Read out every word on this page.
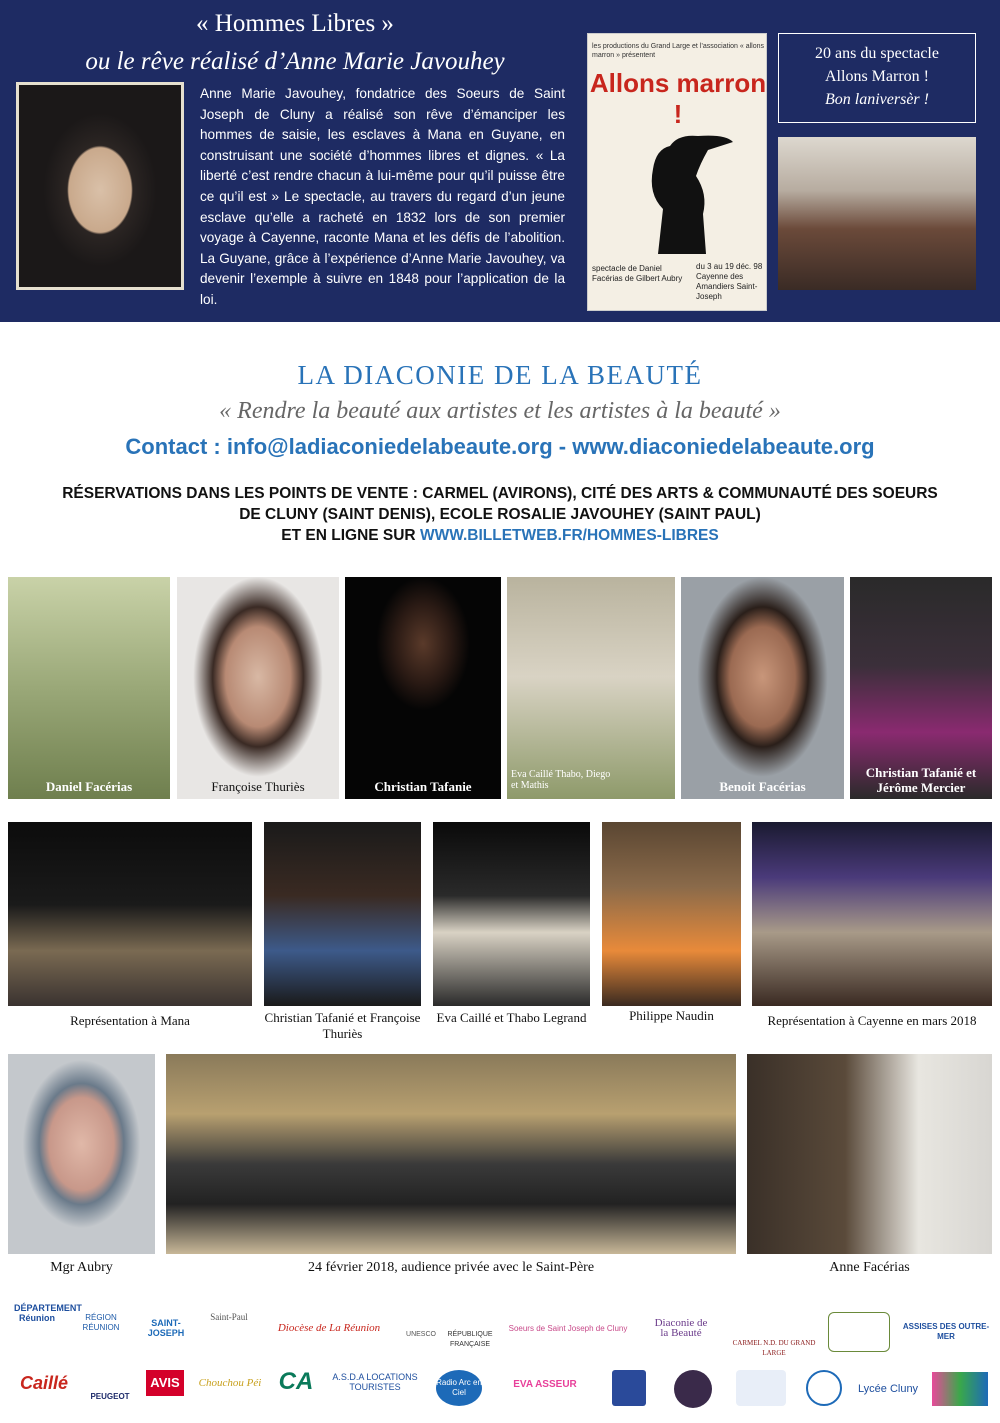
« Hommes Libres »
ou le rêve réalisé d’Anne Marie Javouhey
Anne Marie Javouhey, fondatrice des Soeurs de Saint Joseph de Cluny a réalisé son rêve d’émanciper les hommes de saisie, les esclaves à Mana en Guyane, en construisant une société d’hommes libres et dignes. « La liberté c’est rendre chacun à lui-même pour qu’il puisse être ce qu’il est » Le spectacle, au travers du regard d’un jeune esclave qu’elle a racheté en 1832 lors de son premier voyage à Cayenne, raconte Mana et les défis de l’abolition. La Guyane, grâce à l’expérience d’Anne Marie Javouhey, va devenir l’exemple à suivre en 1848 pour l’application de la loi.
les productions du Grand Large et l’association « allons marron » présentent
Allons marron !
spectacle de Daniel Facérias de Gilbert Aubry
du 3 au 19 déc. 98 Cayenne des Amandiers Saint-Joseph
20 ans du spectacle
Allons Marron !
Bon laniversèr !
LA DIACONIE DE LA BEAUTÉ
« Rendre la beauté aux artistes et les artistes à la beauté »
Contact : info@ladiaconiedelabeaute.org - www.diaconiedelabeaute.org
RÉSERVATIONS DANS LES POINTS DE VENTE : CARMEL (AVIRONS), CITÉ DES ARTS & COMMUNAUTÉ DES SOEURS
DE CLUNY (SAINT DENIS), ECOLE ROSALIE JAVOUHEY (SAINT PAUL)
ET EN LIGNE SUR WWW.BILLETWEB.FR/HOMMES-LIBRES
Daniel Facérias	Françoise Thuriès	Christian Tafanie
Eva Caillé Thabo, Diego et Mathis	Benoit Facérias
Christian Tafanié et Jérôme Mercier
Représentation à Mana	Christian Tafanié et Françoise Thuriès
Eva Caillé et Thabo Legrand	Philippe Naudin	Représentation à Cayenne en mars 2018
Mgr Aubry	24 février 2018, audience privée avec le Saint-Père	Anne Facérias
DÉPARTEMENT Réunion	RÉGION RÉUNION	SAINT-JOSEPH
Saint-Paul
Diocèse de La Réunion
UNESCO	RÉPUBLIQUE FRANÇAISE
Soeurs de Saint Joseph de Cluny	Diaconie de la Beauté
CARMEL N.D. DU GRAND LARGE
ASSISES DES OUTRE-MER
Caillé
PEUGEOT
AVIS	Chouchou Péi CA A.S.D.A LOCATIONS TOURISTES	Radio Arc en Ciel
EVA ASSEUR	Lycée Cluny
